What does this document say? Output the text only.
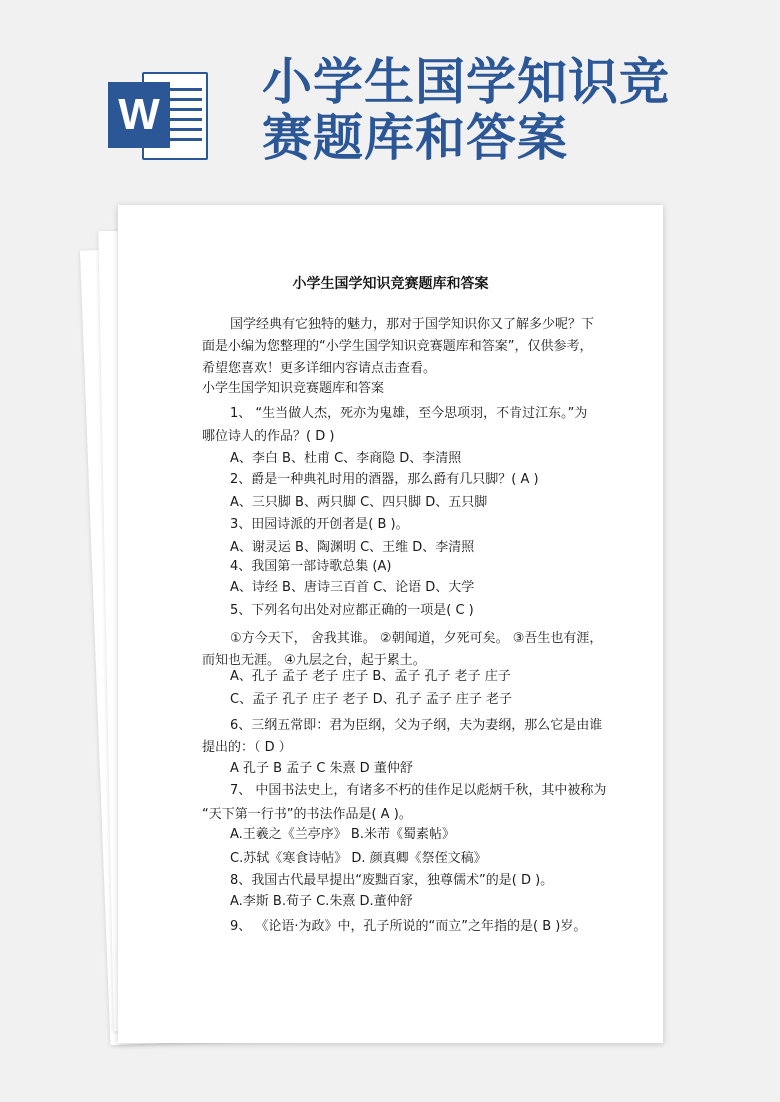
W
小学生国学知识竞
赛题库和答案
小学生国学知识竞赛题库和答案
国学经典有它独特的魅力，那对于国学知识你又了解多少呢？下
面是小编为您整理的“小学生国学知识竞赛题库和答案”，仅供参考，
希望您喜欢！更多详细内容请点击查看。
小学生国学知识竞赛题库和答案
1、 “生当做人杰，死亦为鬼雄，至今思项羽，不肯过江东。”为
哪位诗人的作品？( D )
A、李白 B、杜甫 C、李商隐 D、李清照
2、爵是一种典礼时用的酒器，那么爵有几只脚？( A )
A、三只脚 B、两只脚 C、四只脚 D、五只脚
3、田园诗派的开创者是( B )。
A、谢灵运 B、陶渊明 C、王维 D、李清照
4、我国第一部诗歌总集 (A)
A、诗经 B、唐诗三百首 C、论语 D、大学
5、下列名句出处对应都正确的一项是( C )
①方今天下， 舍我其谁。 ②朝闻道，夕死可矣。 ③吾生也有涯，
而知也无涯。 ④九层之台，起于累土。
A、孔子 孟子 老子 庄子 B、孟子 孔子 老子 庄子
C、孟子 孔子 庄子 老子 D、孔子 孟子 庄子 老子
6、三纲五常即：君为臣纲，父为子纲，夫为妻纲，那么它是由谁
提出的：（ D ）
A 孔子 B 孟子 C 朱熹 D 董仲舒
7、 中国书法史上，有诸多不朽的佳作足以彪炳千秋，其中被称为
“天下第一行书”的书法作品是( A )。
A.王羲之《兰亭序》 B.米芾《蜀素帖》
C.苏轼《寒食诗帖》 D. 颜真卿《祭侄文稿》
8、我国古代最早提出“废黜百家，独尊儒术”的是( D )。
A.李斯 B.荀子 C.朱熹 D.董仲舒
9、 《论语·为政》中，孔子所说的“而立”之年指的是( B )岁。
